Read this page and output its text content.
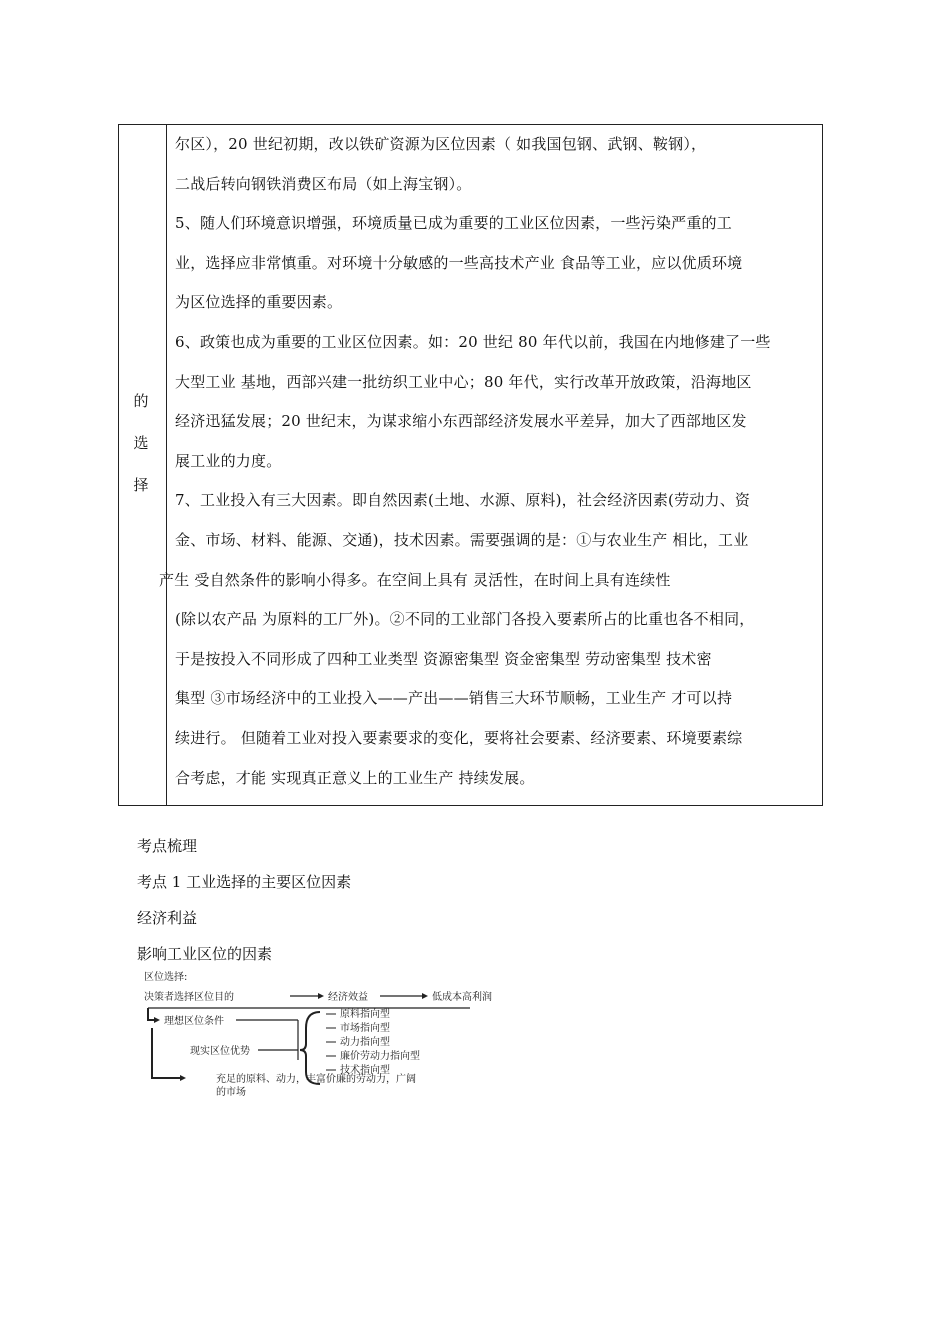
的
选
择

尔区），20 世纪初期，改以铁矿资源为区位因素（ 如我国包钢、武钢、鞍钢），

二战后转向钢铁消费区布局（如上海宝钢）。

5、随人们环境意识增强，环境质量已成为重要的工业区位因素，一些污染严重的工

业，选择应非常慎重。对环境十分敏感的一些高技术产业 食品等工业，应以优质环境

为区位选择的重要因素。

6、政策也成为重要的工业区位因素。如：20 世纪 80 年代以前，我国在内地修建了一些

大型工业 基地，西部兴建一批纺织工业中心；80 年代，实行改革开放政策，沿海地区

经济迅猛发展；20 世纪末，为谋求缩小东西部经济发展水平差异，加大了西部地区发

展工业的力度。

7、工业投入有三大因素。即自然因素(土地、水源、原料)，社会经济因素(劳动力、资

金、市场、材料、能源、交通)，技术因素。需要强调的是：①与农业生产 相比，工业

产生 受自然条件的影响小得多。在空间上具有 灵活性，在时间上具有连续性

(除以农产品 为原料的工厂外)。②不同的工业部门各投入要素所占的比重也各不相同，

于是按投入不同形成了四种工业类型 资源密集型 资金密集型 劳动密集型 技术密

集型 ③市场经济中的工业投入——产出——销售三大环节顺畅，工业生产 才可以持

续进行。 但随着工业对投入要素要求的变化，要将社会要素、经济要素、环境要素综

合考虑，才能 实现真正意义上的工业生产 持续发展。

考点梳理
考点 1 工业选择的主要区位因素
经济利益
影响工业区位的因素
区位选择:
决策者选择区位目的	经济效益	低成本高利润
理想区位条件
现实区位优势
原料指向型
市场指向型
动力指向型
廉价劳动力指向型
技术指向型
充足的原料、动力，丰富价廉的劳动力，广阔
的市场
